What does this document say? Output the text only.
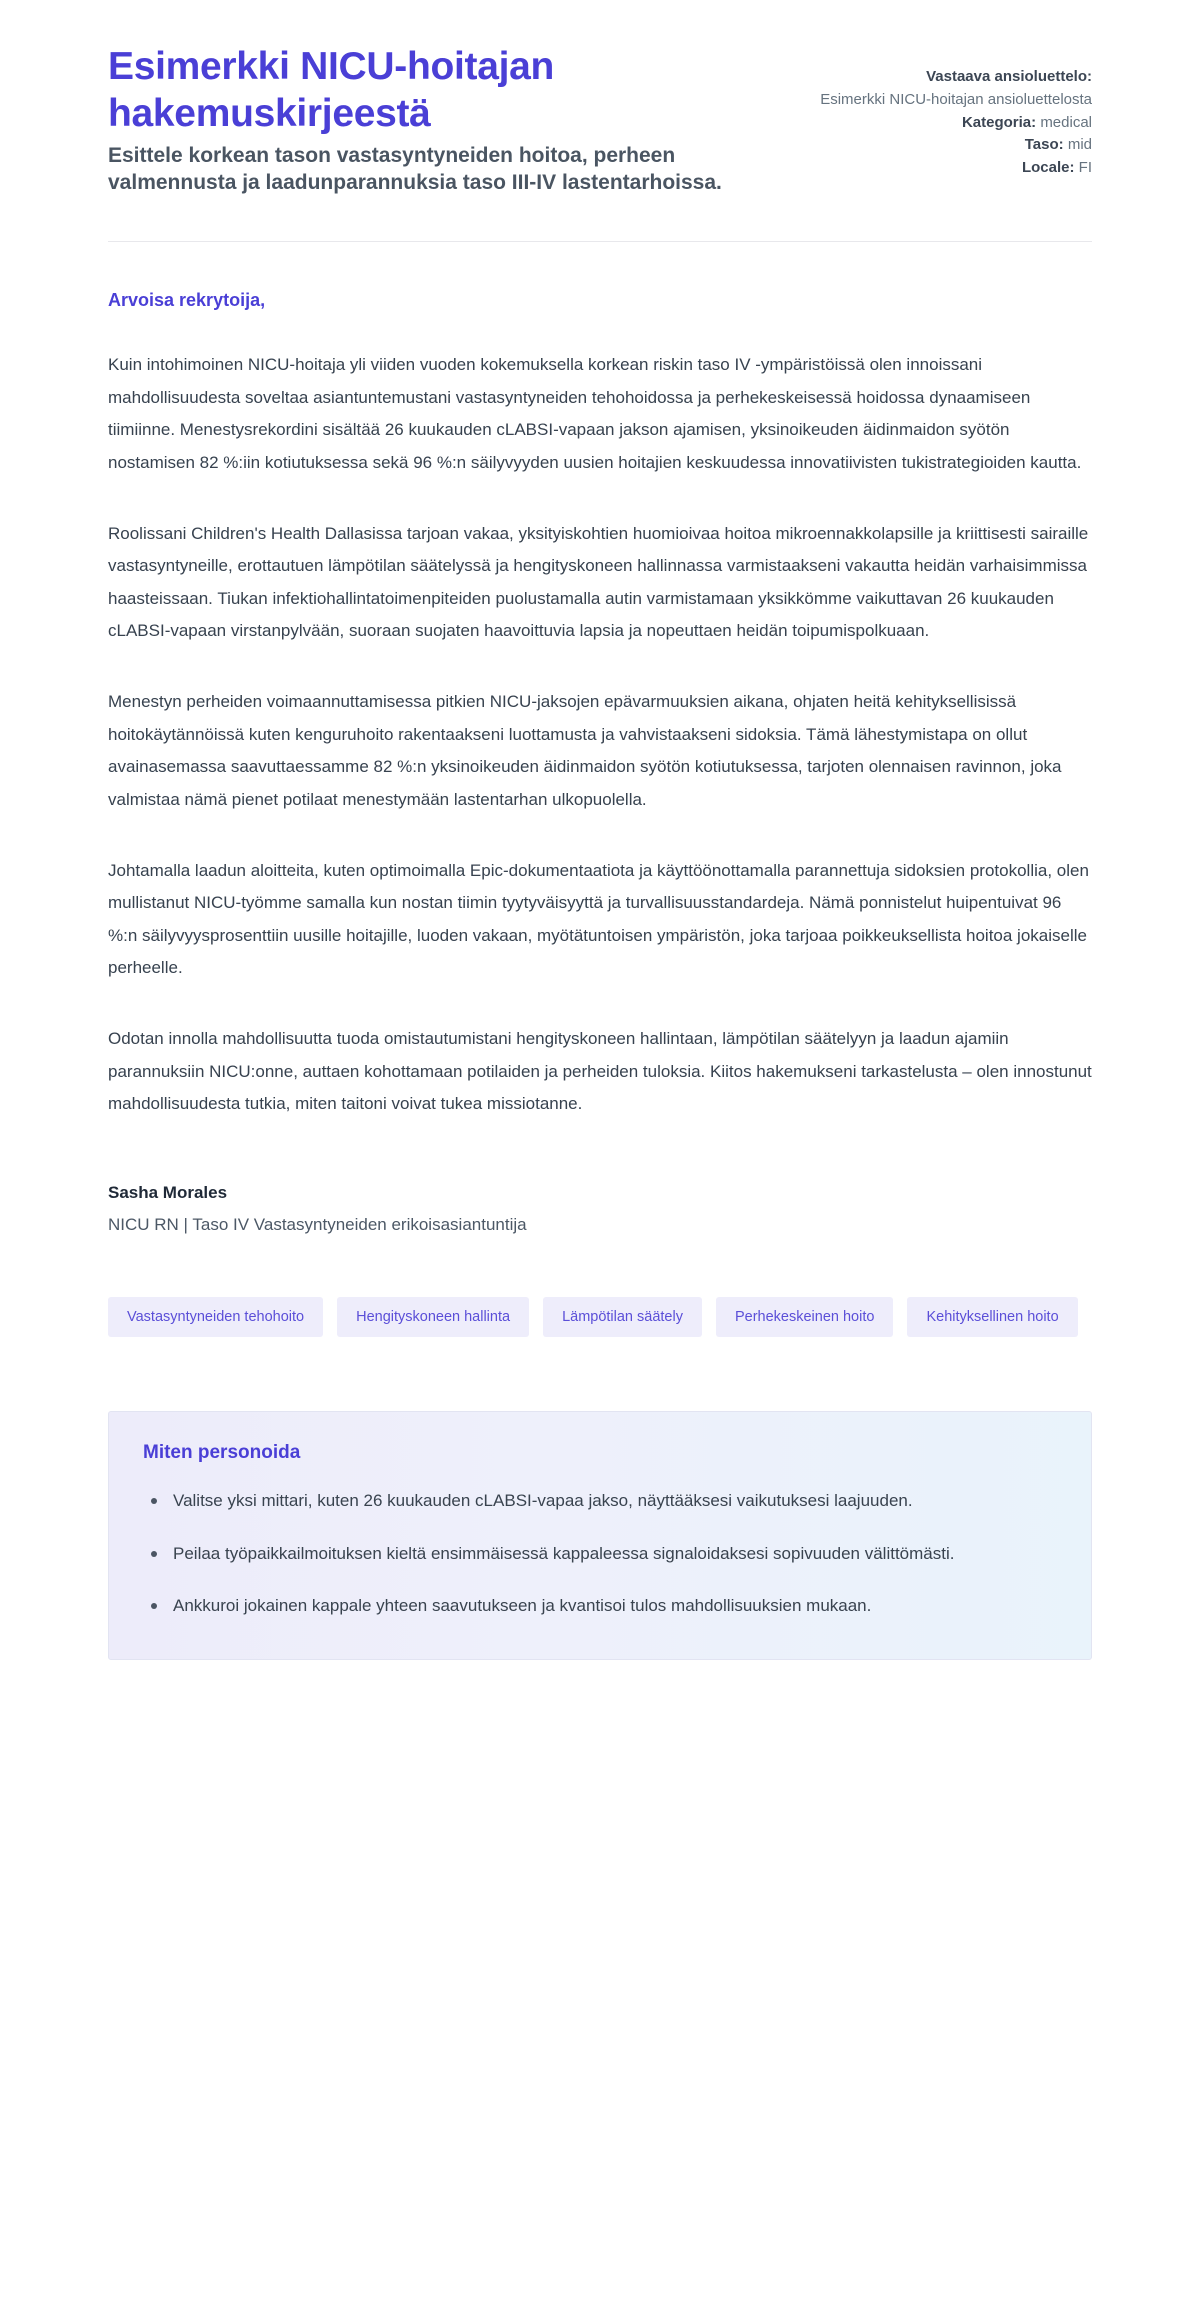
Esimerkki NICU-hoitajan hakemuskirjeestä

Esittele korkean tason vastasyntyneiden hoitoa, perheen valmennusta ja laadunparannuksia taso III-IV lastentarhoissa.

Vastaava ansioluettelo:
Esimerkki NICU-hoitajan ansioluettelosta
Kategoria: medical
Taso: mid
Locale: FI

Arvoisa rekrytoija,

Kuin intohimoinen NICU-hoitaja yli viiden vuoden kokemuksella korkean riskin taso IV -ympäristöissä olen innoissani mahdollisuudesta soveltaa asiantuntemustani vastasyntyneiden tehohoidossa ja perhekeskeisessä hoidossa dynaamiseen tiimiinne. Menestysrekordini sisältää 26 kuukauden cLABSI-vapaan jakson ajamisen, yksinoikeuden äidinmaidon syötön nostamisen 82 %:iin kotiutuksessa sekä 96 %:n säilyvyyden uusien hoitajien keskuudessa innovatiivisten tukistrategioiden kautta.

Roolissani Children's Health Dallasissa tarjoan vakaa, yksityiskohtien huomioivaa hoitoa mikroennakkolapsille ja kriittisesti sairaille vastasyntyneille, erottautuen lämpötilan säätelyssä ja hengityskoneen hallinnassa varmistaakseni vakautta heidän varhaisimmissa haasteissaan. Tiukan infektiohallintatoimenpiteiden puolustamalla autin varmistamaan yksikkömme vaikuttavan 26 kuukauden cLABSI-vapaan virstanpylvään, suoraan suojaten haavoittuvia lapsia ja nopeuttaen heidän toipumispolkuaan.

Menestyn perheiden voimaannuttamisessa pitkien NICU-jaksojen epävarmuuksien aikana, ohjaten heitä kehityksellisissä hoitokäytännöissä kuten kenguruhoito rakentaakseni luottamusta ja vahvistaakseni sidoksia. Tämä lähestymistapa on ollut avainasemassa saavuttaessamme 82 %:n yksinoikeuden äidinmaidon syötön kotiutuksessa, tarjoten olennaisen ravinnon, joka valmistaa nämä pienet potilaat menestymään lastentarhan ulkopuolella.

Johtamalla laadun aloitteita, kuten optimoimalla Epic-dokumentaatiota ja käyttöönottamalla parannettuja sidoksien protokollia, olen mullistanut NICU-työmme samalla kun nostan tiimin tyytyväisyyttä ja turvallisuusstandardeja. Nämä ponnistelut huipentuivat 96 %:n säilyvyysprosenttiin uusille hoitajille, luoden vakaan, myötätuntoisen ympäristön, joka tarjoaa poikkeuksellista hoitoa jokaiselle perheelle.

Odotan innolla mahdollisuutta tuoda omistautumistani hengityskoneen hallintaan, lämpötilan säätelyyn ja laadun ajamiin parannuksiin NICU:onne, auttaen kohottamaan potilaiden ja perheiden tuloksia. Kiitos hakemukseni tarkastelusta – olen innostunut mahdollisuudesta tutkia, miten taitoni voivat tukea missiotanne.

Sasha Morales

NICU RN | Taso IV Vastasyntyneiden erikoisasiantuntija

Vastasyntyneiden tehohoito	Hengityskoneen hallinta	Lämpötilan säätely	Perhekeskeinen hoito	Kehityksellinen hoito

Miten personoida

Valitse yksi mittari, kuten 26 kuukauden cLABSI-vapaa jakso, näyttääksesi vaikutuksesi laajuuden.
Peilaa työpaikkailmoituksen kieltä ensimmäisessä kappaleessa signaloidaksesi sopivuuden välittömästi.
Ankkuroi jokainen kappale yhteen saavutukseen ja kvantisoi tulos mahdollisuuksien mukaan.
